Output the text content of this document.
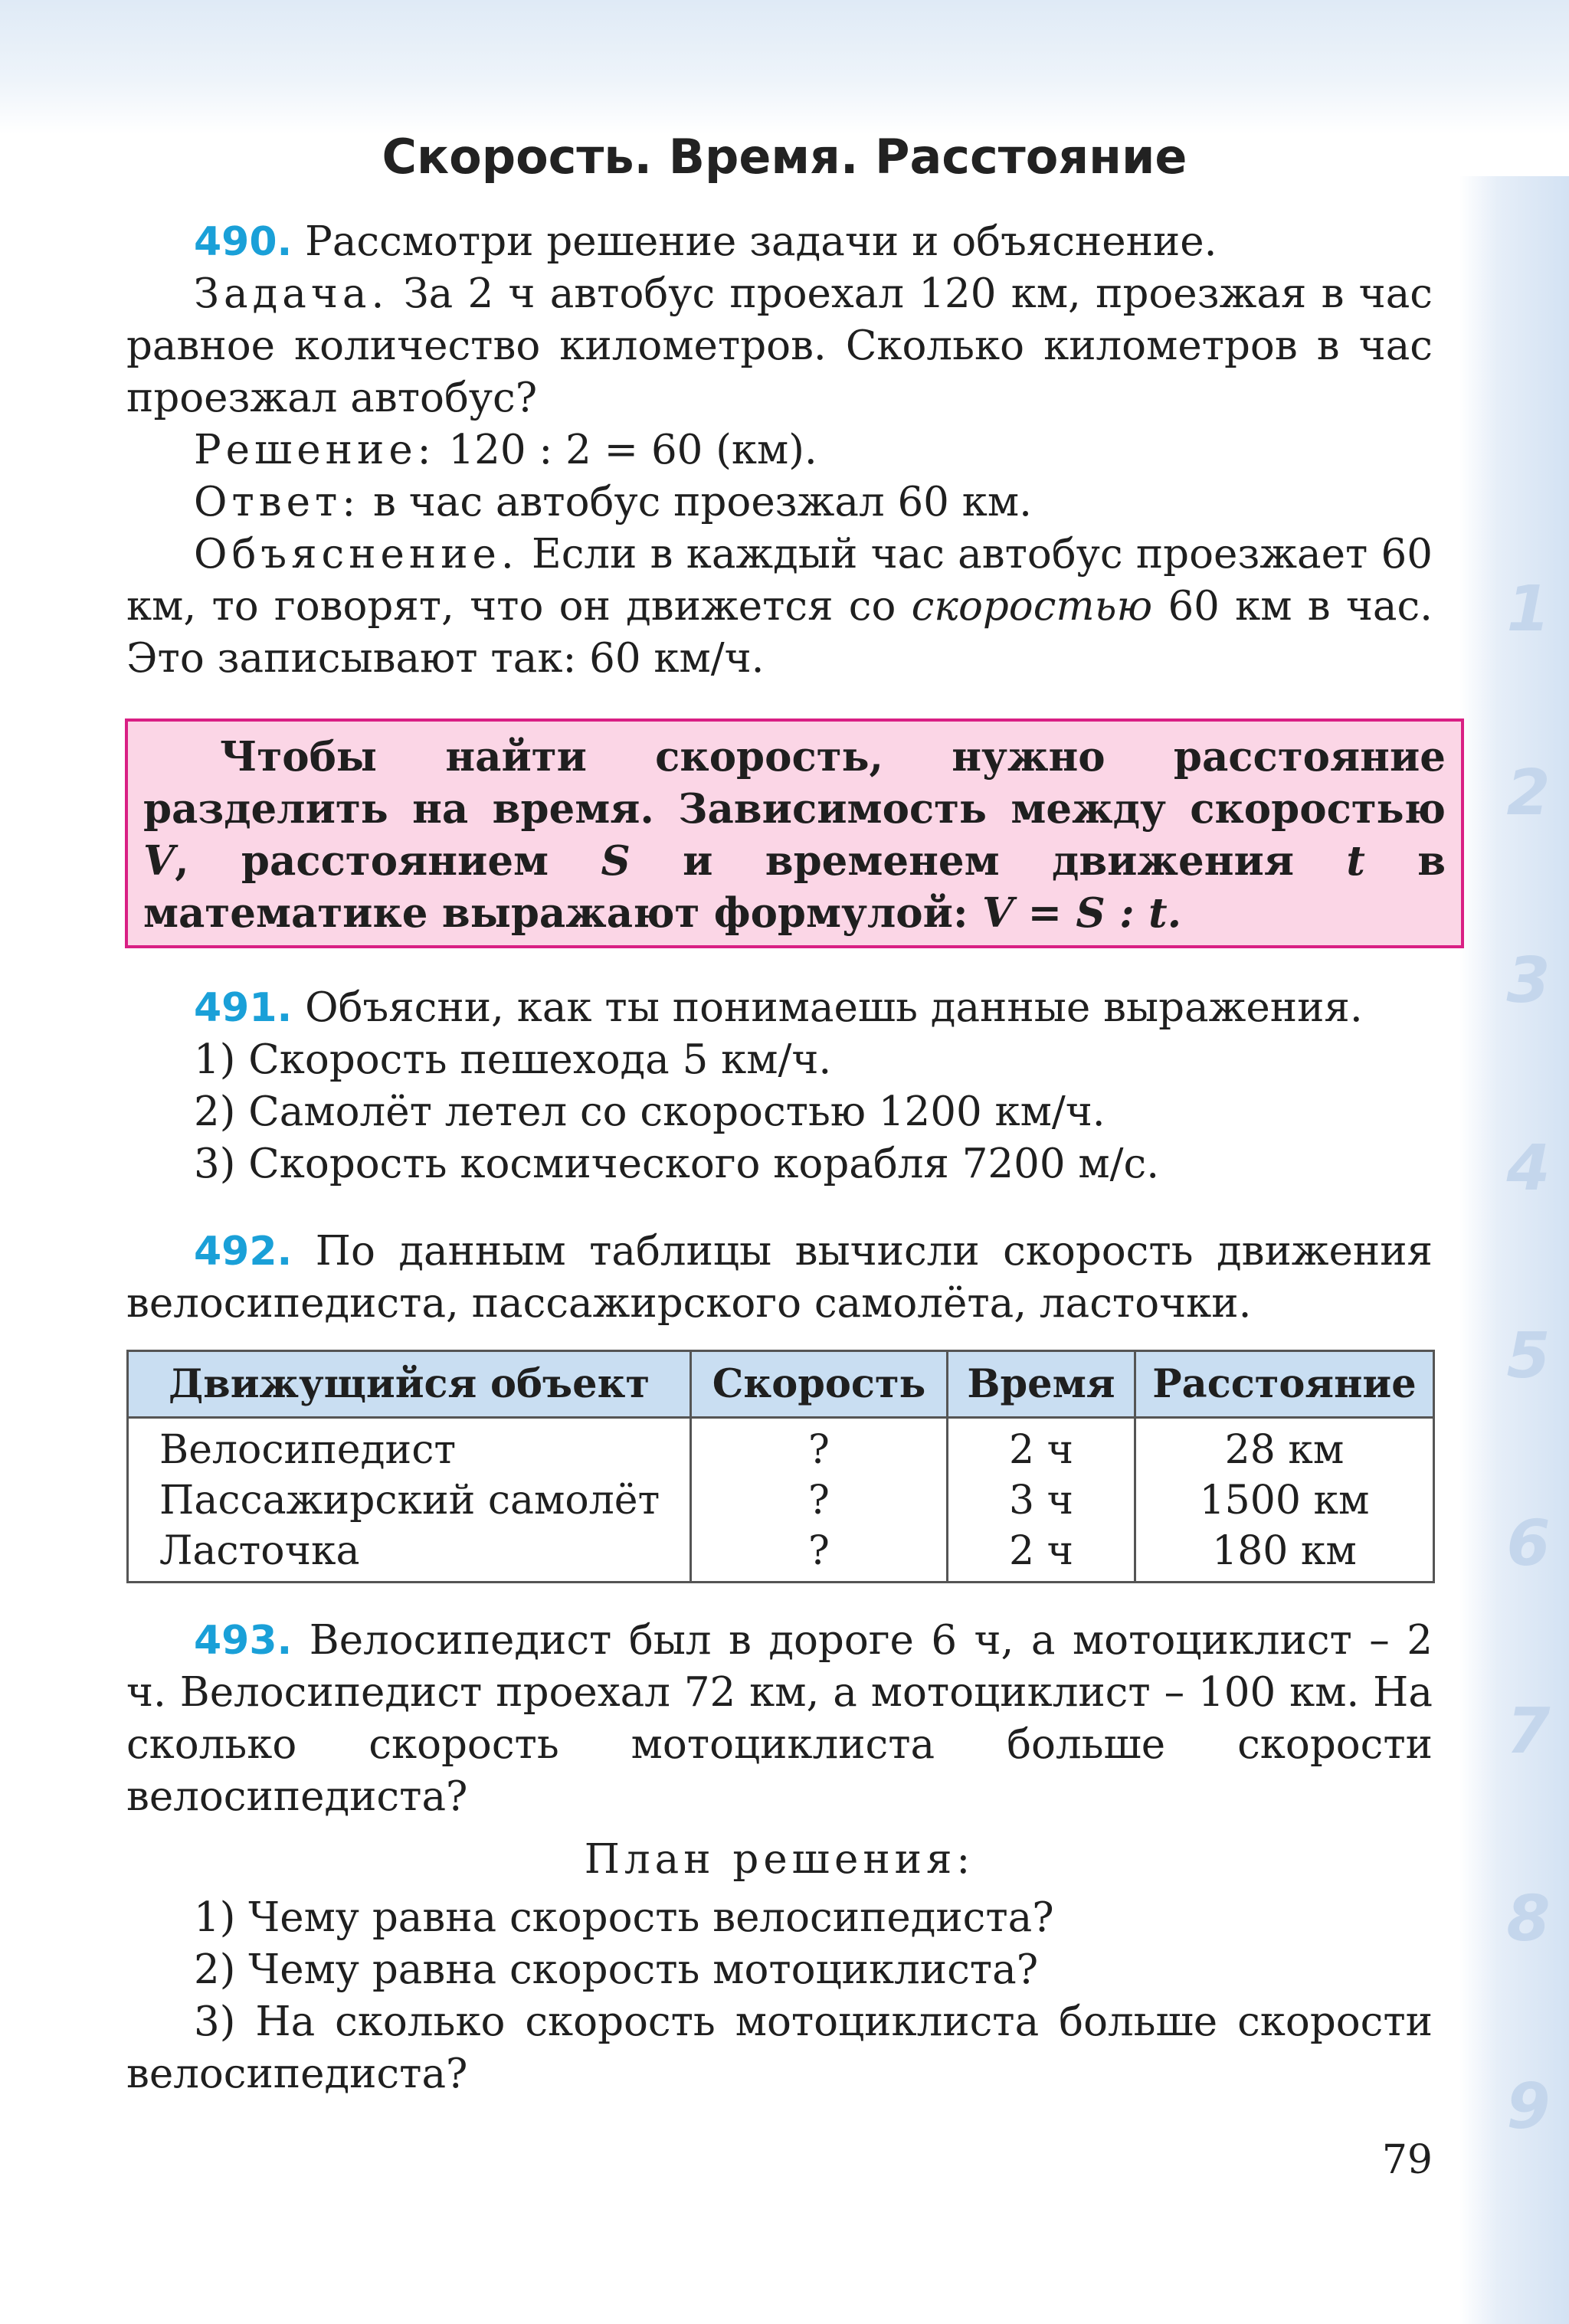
1
2
3
4
5
6
7
8
9
Скорость. Время. Расстояние

490. Рассмотри решение задачи и объяснение.

Задача. За 2 ч автобус проехал 120 км, проезжая в час равное количество километров. Сколько километров в час проезжал автобус?

Решение: 120 : 2 = 60 (км).

Ответ: в час автобус проезжал 60 км.

Объяснение. Если в каждый час автобус проезжает 60 км, то говорят, что он движется со скоростью 60 км в час. Это записывают так: 60 км/ч.

Чтобы найти скорость, нужно расстояние разделить на время. Зависимость между скоростью V, расстоянием S и временем движения t в математике выражают формулой: V = S : t.

491. Объясни, как ты понимаешь данные выражения.

1) Скорость пешехода 5 км/ч.

2) Самолёт летел со скоростью 1200 км/ч.

3) Скорость космического корабля 7200 м/с.

492. По данным таблицы вычисли скорость движения велосипедиста, пассажирского самолёта, ласточки.

Движущийся объект	Скорость	Время	Расстояние
Велосипедист	?	2 ч	28 км
Пассажирский самолёт	?	3 ч	1500 км
Ласточка	?	2 ч	180 км

493. Велосипедист был в дороге 6 ч, а мотоциклист – 2 ч. Велосипедист проехал 72 км, а мотоциклист – 100 км. На сколько скорость мотоциклиста больше скорости велосипедиста?

План решения:

1) Чему равна скорость велосипедиста?

2) Чему равна скорость мотоциклиста?

3) На сколько скорость мотоциклиста больше скорости велосипедиста?

79
